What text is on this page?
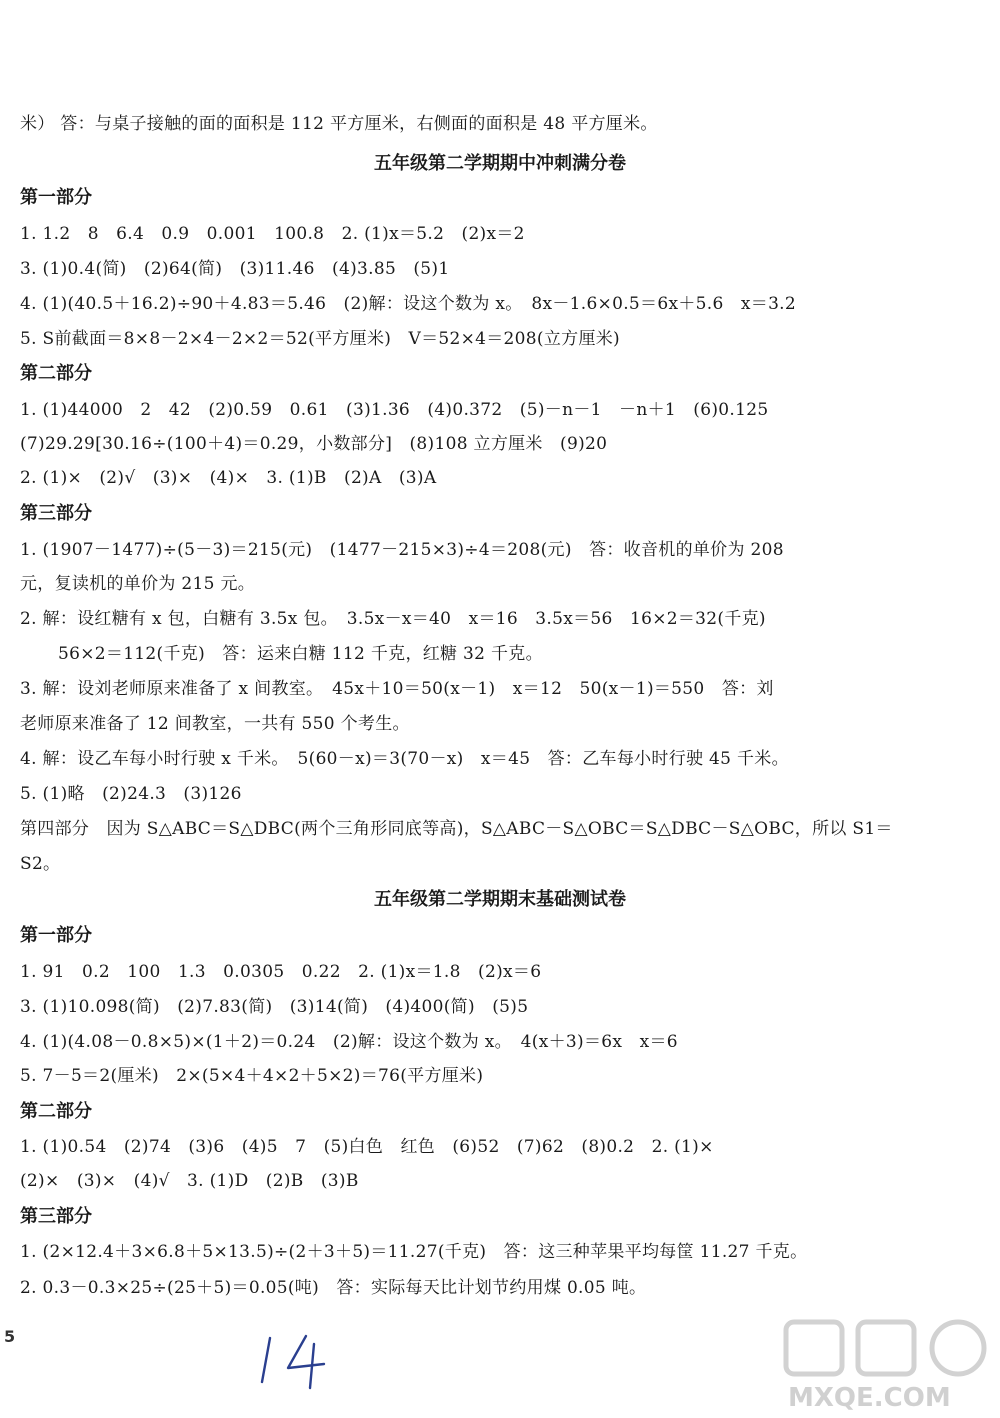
米） 答：与桌子接触的面的面积是 112 平方厘米，右侧面的面积是 48 平方厘米。
五年级第二学期期中冲刺满分卷
第一部分
1. 1.2　8　6.4　0.9　0.001　100.8　2. (1)x＝5.2　(2)x＝2
3. (1)0.4(简)　(2)64(简)　(3)11.46　(4)3.85　(5)1
4. (1)(40.5＋16.2)÷90＋4.83＝5.46　(2)解：设这个数为 x。　8x－1.6×0.5＝6x＋5.6　x＝3.2
5. S前截面＝8×8－2×4－2×2＝52(平方厘米)　V＝52×4＝208(立方厘米)
第二部分
1. (1)44000　2　42　(2)0.59　0.61　(3)1.36̇　(4)0.372　(5)－n－1　－n＋1　(6)0.125
(7)29.29[30.16÷(100＋4)＝0.29，小数部分]　(8)108 立方厘米　(9)20
2. (1)×　(2)√　(3)×　(4)×　3. (1)B　(2)A　(3)A
第三部分
1. (1907－1477)÷(5－3)＝215(元)　(1477－215×3)÷4＝208(元)　答：收音机的单价为 208
元，复读机的单价为 215 元。
2. 解：设红糖有 x 包，白糖有 3.5x 包。　3.5x－x＝40　x＝16　3.5x＝56　16×2＝32(千克)
56×2＝112(千克)　答：运来白糖 112 千克，红糖 32 千克。
3. 解：设刘老师原来准备了 x 间教室。　45x＋10＝50(x－1)　x＝12　50(x－1)＝550　答：刘
老师原来准备了 12 间教室，一共有 550 个考生。
4. 解：设乙车每小时行驶 x 千米。　5(60－x)＝3(70－x)　x＝45　答：乙车每小时行驶 45 千米。
5. (1)略　(2)24.3　(3)126
第四部分　因为 S△ABC＝S△DBC(两个三角形同底等高)，S△ABC－S△OBC＝S△DBC－S△OBC，所以 S1＝
S2。
五年级第二学期期末基础测试卷
第一部分
1. 91　0.2　100　1.3　0.0305　0.22　2. (1)x＝1.8　(2)x＝6
3. (1)10.098(简)　(2)7.83(简)　(3)14(简)　(4)400(简)　(5)5
4. (1)(4.08－0.8×5)×(1＋2)＝0.24　(2)解：设这个数为 x。　4(x＋3)＝6x　x＝6
5. 7－5＝2(厘米)　2×(5×4＋4×2＋5×2)＝76(平方厘米)
第二部分
1. (1)0.54　(2)74　(3)6　(4)5　7　(5)白色　红色　(6)52　(7)62　(8)0.2　2. (1)×
(2)×　(3)×　(4)√　3. (1)D　(2)B　(3)B
第三部分
1. (2×12.4＋3×6.8＋5×13.5)÷(2＋3＋5)＝11.27(千克)　答：这三种苹果平均每筐 11.27 千克。
2. 0.3－0.3×25÷(25＋5)＝0.05(吨)　答：实际每天比计划节约用煤 0.05 吨。
5
MXQE.COM
